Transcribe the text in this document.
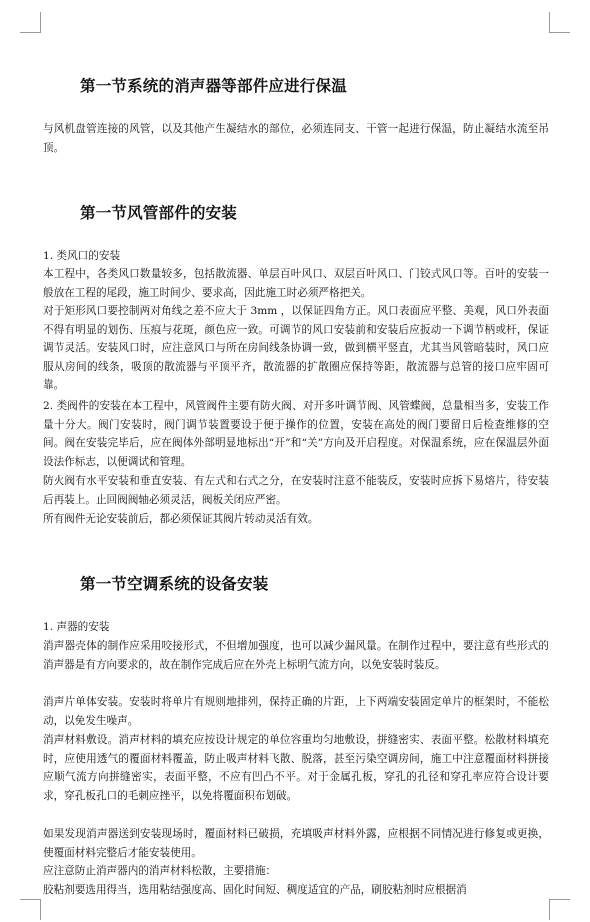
第一节系统的消声器等部件应进行保温

与风机盘管连接的风管，以及其他产生凝结水的部位，必须连同支、干管一起进行保温，防止凝结水流至吊顶。

第一节风管部件的安装

1. 类风口的安装

本工程中，各类风口数量较多，包括散流器、单层百叶风口、双层百叶风口、门铰式风口等。百叶的安装一般放在工程的尾段，施工时间少、要求高，因此施工时必须严格把关。

对于矩形风口要控制两对角线之差不应大于 3mm ，以保证四角方正。风口表面应平整、美观，风口外表面不得有明显的划伤、压痕与花斑，颜色应一致。可调节的风口安装前和安装后应扳动一下调节柄或杆，保证调节灵活。安装风口时，应注意风口与所在房间线条协调一致，做到横平竖直，尤其当风管暗装时，风口应服从房间的线条，吸顶的散流器与平顶平齐，散流器的扩散圈应保持等距，散流器与总管的接口应牢固可靠。

2. 类阀件的安装在本工程中，风管阀件主要有防火阀、对开多叶调节阀、风管蝶阀，总量相当多，安装工作量十分大。阀门安装时，阀门调节装置要设于便于操作的位置，安装在高处的阀门要留日后检查维修的空间。阀在安装完毕后，应在阀体外部明显地标出“开”和“关”方向及开启程度。对保温系统，应在保温层外面设法作标志，以便调试和管理。

防火阀有水平安装和垂直安装、有左式和右式之分，在安装时注意不能装反，安装时应拆下易熔片，待安装后再装上。止回阀阀轴必须灵活，阀板关闭应严密。

所有阀件无论安装前后，都必须保证其阀片转动灵活有效。

第一节空调系统的设备安装

1. 声器的安装

消声器壳体的制作应采用咬接形式，不但增加强度，也可以减少漏风量。在制作过程中，要注意有些形式的消声器是有方向要求的，故在制作完成后应在外壳上标明气流方向，以免安装时装反。

消声片单体安装。安装时将单片有规则地排列，保持正确的片距，上下两端安装固定单片的框架时，不能松动，以免发生噪声。

消声材料敷设。消声材料的填充应按设计规定的单位容重均匀地敷设，拼缝密实、表面平整。松散材料填充时，应使用透气的覆面材料覆盖，防止吸声材料飞散、脱落，甚至污染空调房间，施工中注意覆面材料拼接应顺气流方向拼缝密实，表面平整，不应有凹凸不平。对于金属孔板，穿孔的孔径和穿孔率应符合设计要求，穿孔板孔口的毛刺应挫平，以免将覆面积布划破。

如果发现消声器送到安装现场时，覆面材料已破损，充填吸声材料外露，应根据不同情况进行修复或更换，使覆面材料完整后才能安装使用。

应注意防止消声器内的消声材料松散，主要措施：

胶粘剂要选用得当，选用粘结强度高、固化时间短、稠度适宜的产品，刷胶粘剂时应根据消
